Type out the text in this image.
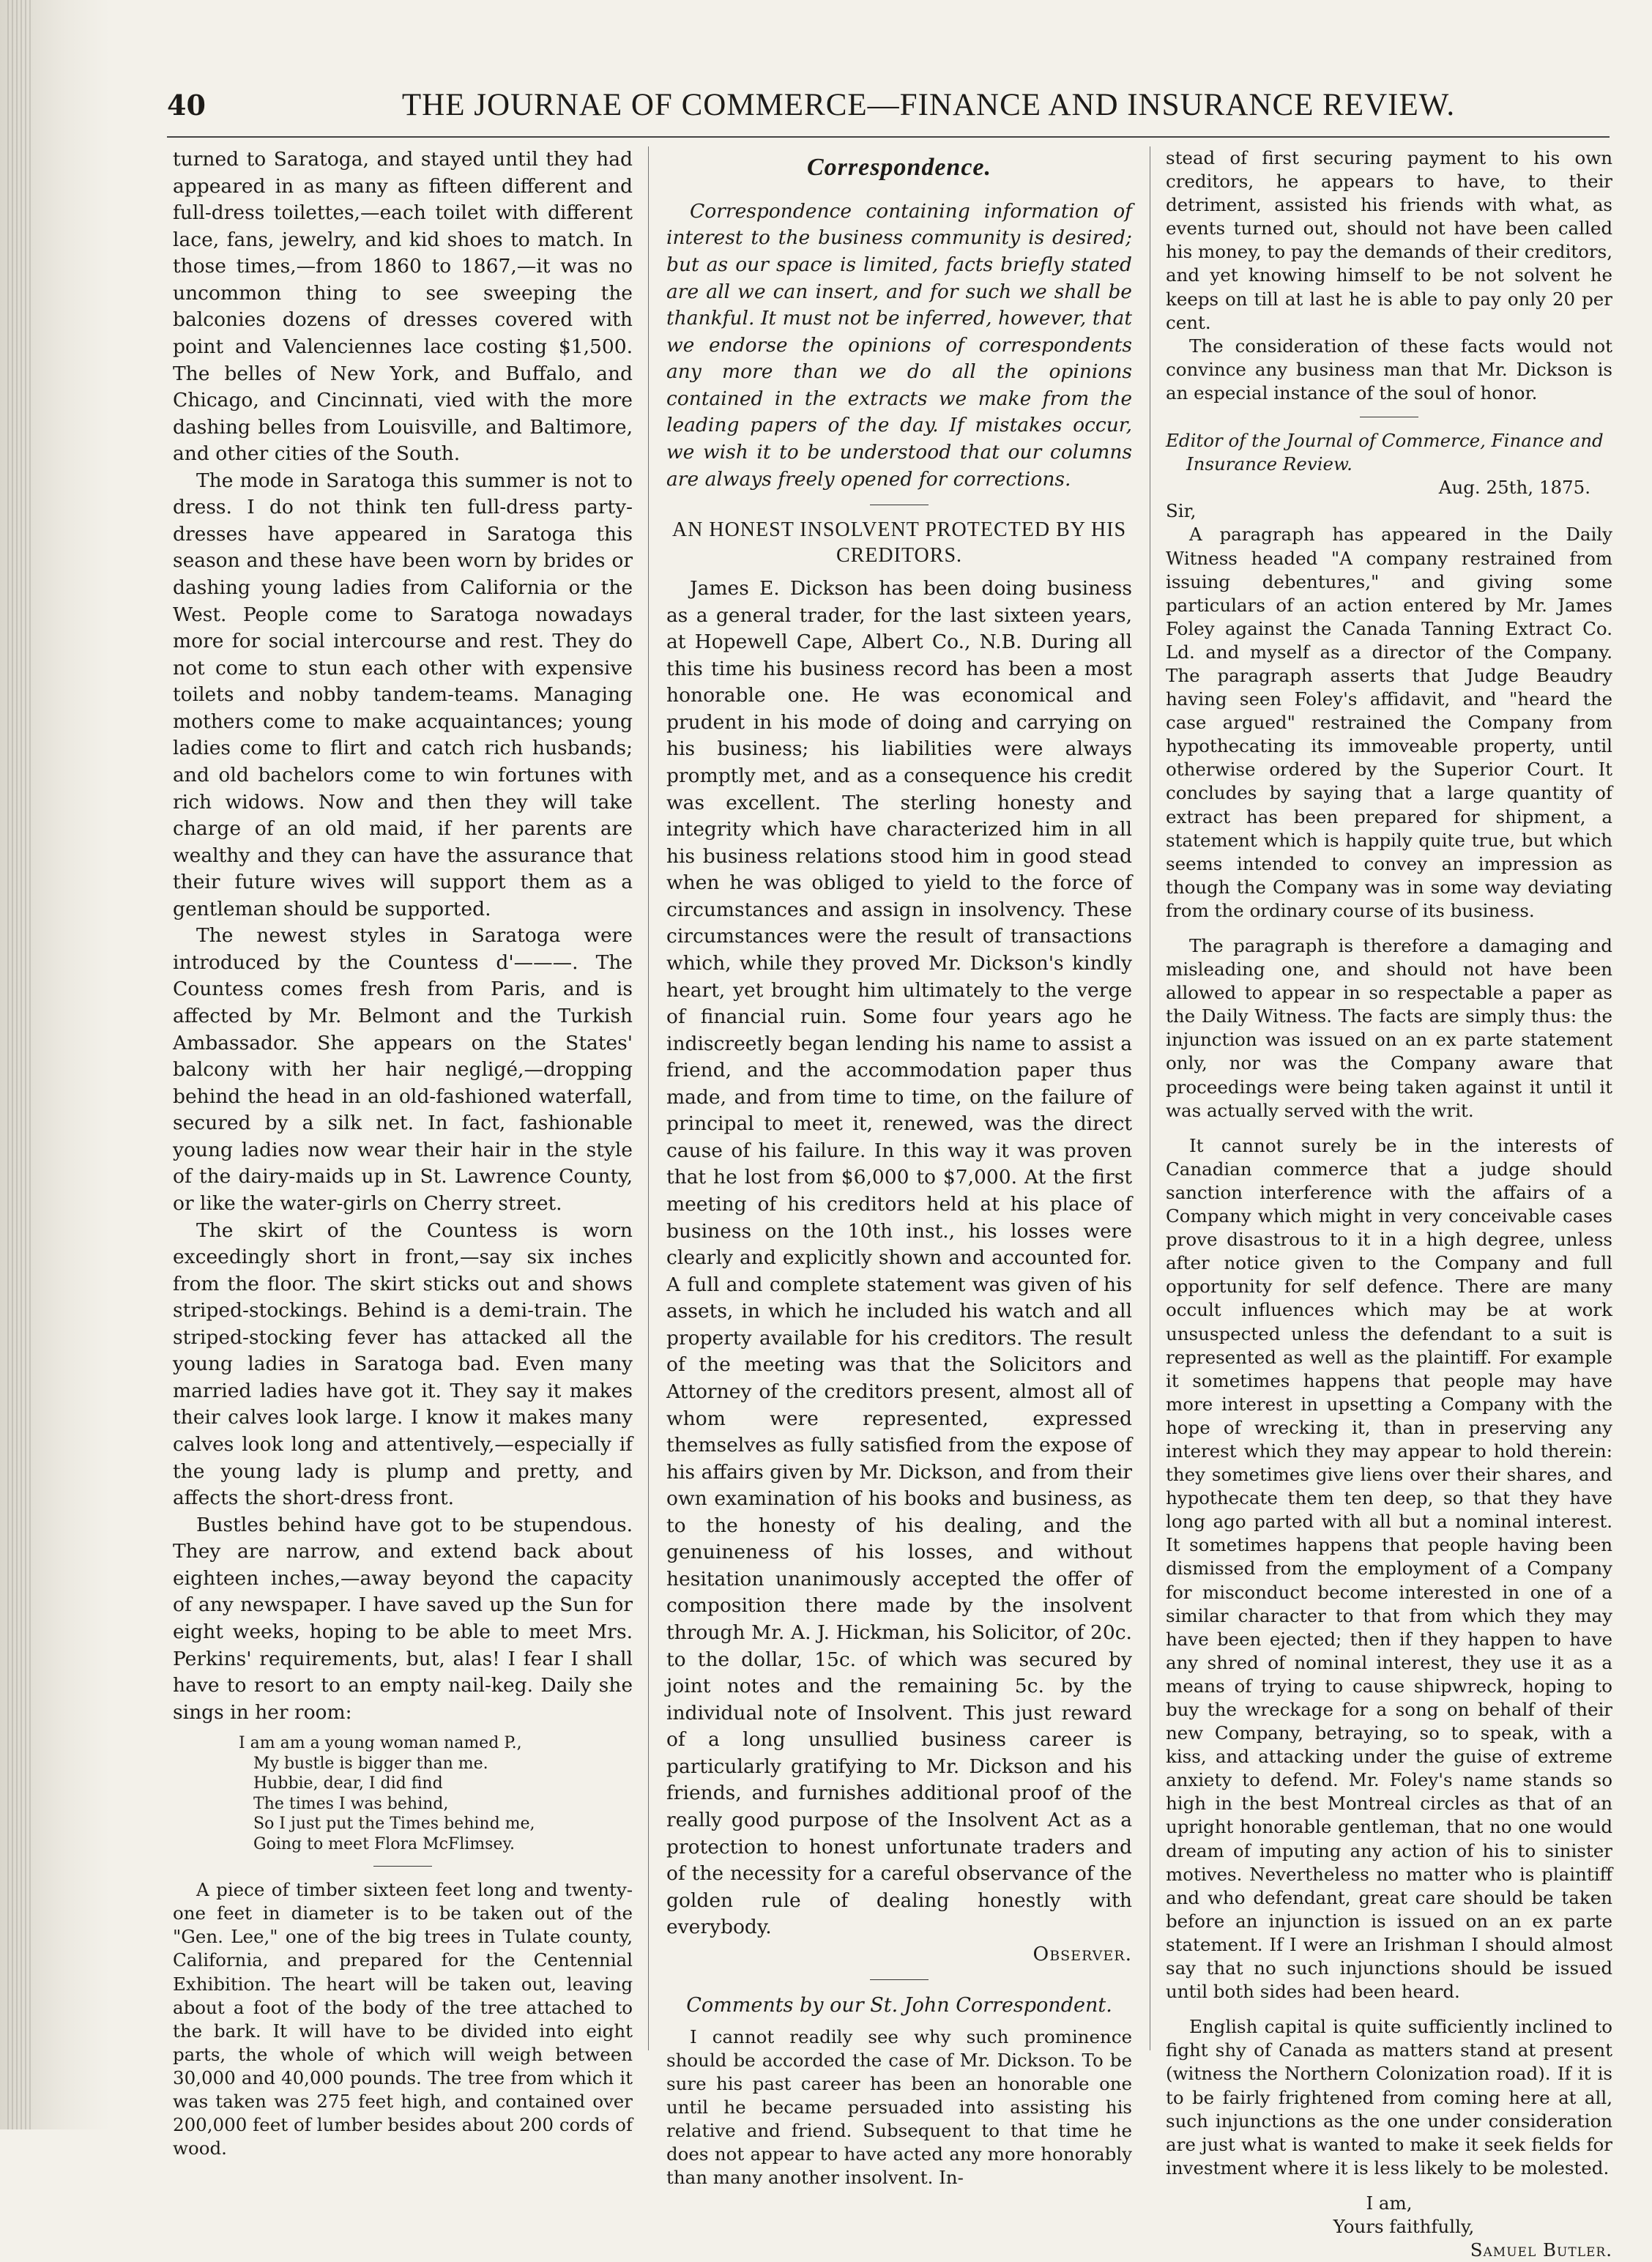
40	THE JOURNAE OF COMMERCE—FINANCE AND INSURANCE REVIEW.

turned to Saratoga, and stayed until they had appeared in as many as fifteen different and full-dress toilettes,—each toilet with different lace, fans, jewelry, and kid shoes to match. In those times,—from 1860 to 1867,—it was no uncommon thing to see sweeping the balconies dozens of dresses covered with point and Valenciennes lace costing $1,500. The belles of New York, and Buffalo, and Chicago, and Cincinnati, vied with the more dashing belles from Louisville, and Baltimore, and other cities of the South.

The mode in Saratoga this summer is not to dress. I do not think ten full-dress party-dresses have appeared in Saratoga this season and these have been worn by brides or dashing young ladies from California or the West. People come to Saratoga nowadays more for social intercourse and rest. They do not come to stun each other with expensive toilets and nobby tandem-teams. Managing mothers come to make acquaintances; young ladies come to flirt and catch rich husbands; and old bachelors come to win fortunes with rich widows. Now and then they will take charge of an old maid, if her parents are wealthy and they can have the assurance that their future wives will support them as a gentleman should be supported.

The newest styles in Saratoga were introduced by the Countess d'———. The Countess comes fresh from Paris, and is affected by Mr. Belmont and the Turkish Ambassador. She appears on the States' balcony with her hair negligé,—dropping behind the head in an old-fashioned waterfall, secured by a silk net. In fact, fashionable young ladies now wear their hair in the style of the dairy-maids up in St. Lawrence County, or like the water-girls on Cherry street.

The skirt of the Countess is worn exceedingly short in front,—say six inches from the floor. The skirt sticks out and shows striped-stockings. Behind is a demi-train. The striped-stocking fever has attacked all the young ladies in Saratoga bad. Even many married ladies have got it. They say it makes their calves look large. I know it makes many calves look long and attentively,—especially if the young lady is plump and pretty, and affects the short-dress front.

Bustles behind have got to be stupendous. They are narrow, and extend back about eighteen inches,—away beyond the capacity of any newspaper. I have saved up the Sun for eight weeks, hoping to be able to meet Mrs. Perkins' requirements, but, alas! I fear I shall have to resort to an empty nail-keg. Daily she sings in her room:

I am am a young woman named P.,
My bustle is bigger than me.
Hubbie, dear, I did find
The times I was behind,
So I just put the Times behind me,
Going to meet Flora McFlimsey.

A piece of timber sixteen feet long and twenty-one feet in diameter is to be taken out of the "Gen. Lee," one of the big trees in Tulate county, California, and prepared for the Centennial Exhibition. The heart will be taken out, leaving about a foot of the body of the tree attached to the bark. It will have to be divided into eight parts, the whole of which will weigh between 30,000 and 40,000 pounds. The tree from which it was taken was 275 feet high, and contained over 200,000 feet of lumber besides about 200 cords of wood.

Correspondence.

Correspondence containing information of interest to the business community is desired; but as our space is limited, facts briefly stated are all we can insert, and for such we shall be thankful. It must not be inferred, however, that we endorse the opinions of correspondents any more than we do all the opinions contained in the extracts we make from the leading papers of the day. If mistakes occur, we wish it to be understood that our columns are always freely opened for corrections.

AN HONEST INSOLVENT PROTECTED BY HIS CREDITORS.

James E. Dickson has been doing business as a general trader, for the last sixteen years, at Hopewell Cape, Albert Co., N.B. During all this time his business record has been a most honorable one. He was economical and prudent in his mode of doing and carrying on his business; his liabilities were always promptly met, and as a consequence his credit was excellent. The sterling honesty and integrity which have characterized him in all his business relations stood him in good stead when he was obliged to yield to the force of circumstances and assign in insolvency. These circumstances were the result of transactions which, while they proved Mr. Dickson's kindly heart, yet brought him ultimately to the verge of financial ruin. Some four years ago he indiscreetly began lending his name to assist a friend, and the accommodation paper thus made, and from time to time, on the failure of principal to meet it, renewed, was the direct cause of his failure. In this way it was proven that he lost from $6,000 to $7,000. At the first meeting of his creditors held at his place of business on the 10th inst., his losses were clearly and explicitly shown and accounted for. A full and complete statement was given of his assets, in which he included his watch and all property available for his creditors. The result of the meeting was that the Solicitors and Attorney of the creditors present, almost all of whom were represented, expressed themselves as fully satisfied from the expose of his affairs given by Mr. Dickson, and from their own examination of his books and business, as to the honesty of his dealing, and the genuineness of his losses, and without hesitation unanimously accepted the offer of composition there made by the insolvent through Mr. A. J. Hickman, his Solicitor, of 20c. to the dollar, 15c. of which was secured by joint notes and the remaining 5c. by the individual note of Insolvent. This just reward of a long unsullied business career is particularly gratifying to Mr. Dickson and his friends, and furnishes additional proof of the really good purpose of the Insolvent Act as a protection to honest unfortunate traders and of the necessity for a careful observance of the golden rule of dealing honestly with everybody.

Observer.
Comments by our St. John Correspondent.

I cannot readily see why such prominence should be accorded the case of Mr. Dickson. To be sure his past career has been an honorable one until he became persuaded into assisting his relative and friend. Subsequent to that time he does not appear to have acted any more honorably than many another insolvent. In-

stead of first securing payment to his own creditors, he appears to have, to their detriment, assisted his friends with what, as events turned out, should not have been called his money, to pay the demands of their creditors, and yet knowing himself to be not solvent he keeps on till at last he is able to pay only 20 per cent.

The consideration of these facts would not convince any business man that Mr. Dickson is an especial instance of the soul of honor.

Editor of the Journal of Commerce, Finance and

Insurance Review.

Aug. 25th, 1875.

Sir,

A paragraph has appeared in the Daily Witness headed "A company restrained from issuing debentures," and giving some particulars of an action entered by Mr. James Foley against the Canada Tanning Extract Co. Ld. and myself as a director of the Company. The paragraph asserts that Judge Beaudry having seen Foley's affidavit, and "heard the case argued" restrained the Company from hypothecating its immoveable property, until otherwise ordered by the Superior Court. It concludes by saying that a large quantity of extract has been prepared for shipment, a statement which is happily quite true, but which seems intended to convey an impression as though the Company was in some way deviating from the ordinary course of its business.

The paragraph is therefore a damaging and misleading one, and should not have been allowed to appear in so respectable a paper as the Daily Witness. The facts are simply thus: the injunction was issued on an ex parte statement only, nor was the Company aware that proceedings were being taken against it until it was actually served with the writ.

It cannot surely be in the interests of Canadian commerce that a judge should sanction interference with the affairs of a Company which might in very conceivable cases prove disastrous to it in a high degree, unless after notice given to the Company and full opportunity for self defence. There are many occult influences which may be at work unsuspected unless the defendant to a suit is represented as well as the plaintiff. For example it sometimes happens that people may have more interest in upsetting a Company with the hope of wrecking it, than in preserving any interest which they may appear to hold therein: they sometimes give liens over their shares, and hypothecate them ten deep, so that they have long ago parted with all but a nominal interest. It sometimes happens that people having been dismissed from the employment of a Company for misconduct become interested in one of a similar character to that from which they may have been ejected; then if they happen to have any shred of nominal interest, they use it as a means of trying to cause shipwreck, hoping to buy the wreckage for a song on behalf of their new Company, betraying, so to speak, with a kiss, and attacking under the guise of extreme anxiety to defend. Mr. Foley's name stands so high in the best Montreal circles as that of an upright honorable gentleman, that no one would dream of imputing any action of his to sinister motives. Nevertheless no matter who is plaintiff and who defendant, great care should be taken before an injunction is issued on an ex parte statement. If I were an Irishman I should almost say that no such injunctions should be issued until both sides had been heard.

English capital is quite sufficiently inclined to fight shy of Canada as matters stand at present (witness the Northern Colonization road). If it is to be fairly frightened from coming here at all, such injunctions as the one under consideration are just what is wanted to make it seek fields for investment where it is less likely to be molested.

I am,

Yours faithfully,

Samuel Butler.
